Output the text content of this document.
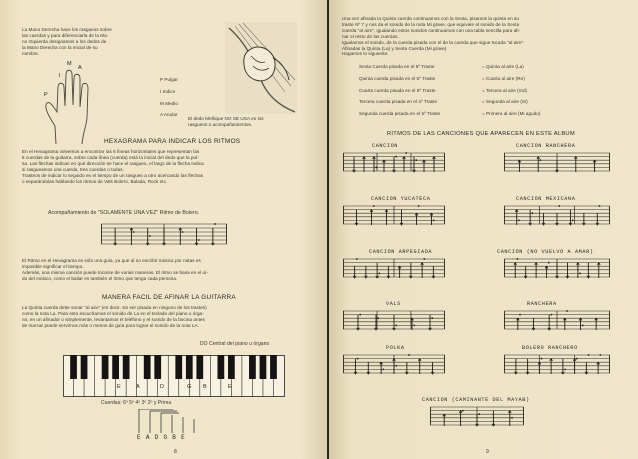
La Mano Derecha hace los rasgueos sobre
las cuerdas y para diferenciarla de la Ma-
no Izquierda designamos a los dedos de
la Mano Derecha con la inicial de su
nombre.
P
I
M
A

P Pulgar

I Indice

M Medio

A Anular

El dedo Meñique NO SE USA en los
rasgueos o acompañamientos.
HEXAGRAMA PARA INDICAR LOS RITMOS
En el Hexagrama volvemos a encontrar las 6 líneas horizontales que representan las
6 cuerdas de la guitarra, sobre cada línea (cuerda) está la inicial del dedo que la pul-
sa. Las flechas indican en qué dirección se hace el rasgueo, el largo de la flecha indica
si rasgueamos una cuerda, tres cuerdas o todas.
Trasteos de indicar lo seguido en el tiempo de un rasgueo a otro acercando las flechas
o separándolas hablando los ritmos de Vals Bolero, Balada, Rock etc.
Acompañamiento de "SOLAMENTE UNA VEZ" Ritmo de Bolero.
El Ritmo en el Hexagrama es sólo una guía, ya que al no escribir música por notas es
imposible significar el tiempo.
Además, una misma canción puede tocarse de varias maneras. El ritmo se basa en el oí-
do del músico, como el bailar es también el ritmo que tenga cada persona.
MANERA FACIL DE AFINAR LA GUITARRA
La Quinta cuerda debe sonar "al aire" (es decir, sin ser pisada en ninguno de los trastes)
como la nota La. Para esto escuchamos el sonido de La en el teclado del piano u órga-
no, en un afinador o simplemente, levantamos el teléfono y el sonido de la bocina antes
de marcar puede servirnos más o menos de guía para lograr el sonido de la nota LA.
DO Central del piano u órgano
E	A	D	G B	E
Cuerdas: 6º 5º 4º 3º 2º y Prima
EADGBE
8
Una vez afinada la Quinta cuerda continuamos con la Sexta, pisamos la quinta en su
traste Nº 7 y nos da el sonido de la nota Mi grave, que equivale al sonido de la Sexta
cuerda "al aire", igualando estos sonidos continuamos con una tabla sencilla para afi-
nar el resto de las cuerdas.
Igualamos el sonido, de la cuerda pisada con el de la cuerda que sigue tocada "al aire".
Afinadas la Quinta (La) y Sexta Cuerda (Mi grave)
Hagamos lo siguiente:

Sexta Cuerda pisada en el 5º Traste	= Quinta al aire (La)

Quinta cuerda pisada en el 5º Traste	= Cuarta al aire (Re)

Cuarta cuerda pisada en el 5º Traste	= Tercera al aire (Sol)

Tercera cuerda pisada en el 4º Traste	= Segunda al aire (Si)

Segunda cuerda pisada en el 5º Traste	= Primera al aire (Mi agudo)

RITMOS DE LAS CANCIONES QUE APARECEN EN ESTE ALBUM
CANCION	CANCION RANCHERA
CANCION YUCATECA	CANCION MEXICANA
CANCION ARPEGIADA	CANCION (NO VUELVO A AMAR)
VALS	RANCHERA
POLKA	BOLERO RANCHERO
CANCION (CAMINANTE DEL MAYAB)
9
